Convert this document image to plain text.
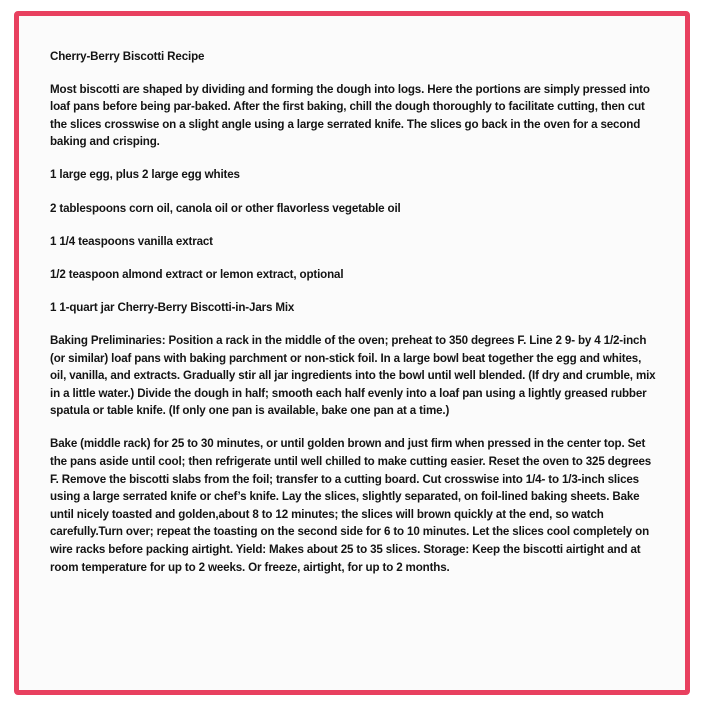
Cherry-Berry Biscotti Recipe

Most biscotti are shaped by dividing and forming the dough into logs. Here the portions are simply pressed into loaf pans before being par-baked. After the first baking, chill the dough thoroughly to facilitate cutting, then cut the slices crosswise on a slight angle using a large serrated knife. The slices go back in the oven for a second baking and crisping.

1 large egg, plus 2 large egg whites

2 tablespoons corn oil, canola oil or other flavorless vegetable oil

1 1/4 teaspoons vanilla extract

1/2 teaspoon almond extract or lemon extract, optional

1 1-quart jar Cherry-Berry Biscotti-in-Jars Mix

Baking Preliminaries: Position a rack in the middle of the oven; preheat to 350 degrees F. Line 2 9- by 4 1/2-inch (or similar) loaf pans with baking parchment or non-stick foil. In a large bowl beat together the egg and whites, oil, vanilla, and extracts. Gradually stir all jar ingredients into the bowl until well blended. (If dry and crumble, mix in a little water.) Divide the dough in half; smooth each half evenly into a loaf pan using a lightly greased rubber spatula or table knife. (If only one pan is available, bake one pan at a time.)

Bake (middle rack) for 25 to 30 minutes, or until golden brown and just firm when pressed in the center top. Set the pans aside until cool; then refrigerate until well chilled to make cutting easier. Reset the oven to 325 degrees F. Remove the biscotti slabs from the foil; transfer to a cutting board. Cut crosswise into 1/4- to 1/3-inch slices using a large serrated knife or chef’s knife. Lay the slices, slightly separated, on foil-lined baking sheets. Bake until nicely toasted and golden,about 8 to 12 minutes; the slices will brown quickly at the end, so watch carefully.Turn over; repeat the toasting on the second side for 6 to 10 minutes. Let the slices cool completely on wire racks before packing airtight. Yield: Makes about 25 to 35 slices. Storage: Keep the biscotti airtight and at room temperature for up to 2 weeks. Or freeze, airtight, for up to 2 months.
